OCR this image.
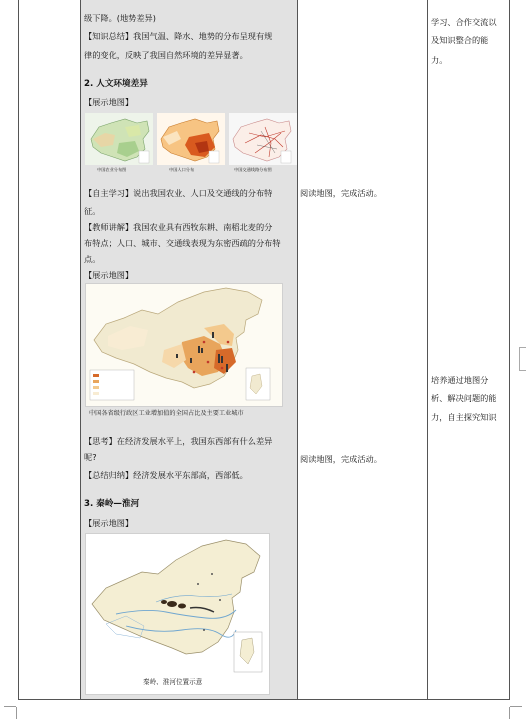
级下降。(地势差异)
【知识总结】我国气温、降水、地势的分布呈现有规
律的变化，反映了我国自然环境的差异显著。
2. 人文环境差异
【展示地图】
中国农业分布图	中国人口分布	中国交通线路分布图
【自主学习】说出我国农业、人口及交通线的分布特
征。
【教师讲解】我国农业具有西牧东耕、南稻北麦的分
布特点；人口、城市、交通线表现为东密西疏的分布特
点。
【展示地图】
中国各省级行政区工业增加值的全国占比及主要工业城市
【思考】在经济发展水平上，我国东西部有什么差异
呢?
【总结归纳】经济发展水平东部高，西部低。
3. 秦岭—淮河
【展示地图】
秦岭、淮河位置示意
阅读地图，完成活动。
阅读地图，完成活动。
学习、合作交流以
及知识整合的能
力。
培养通过地图分
析、解决问题的能
力，自主探究知识
